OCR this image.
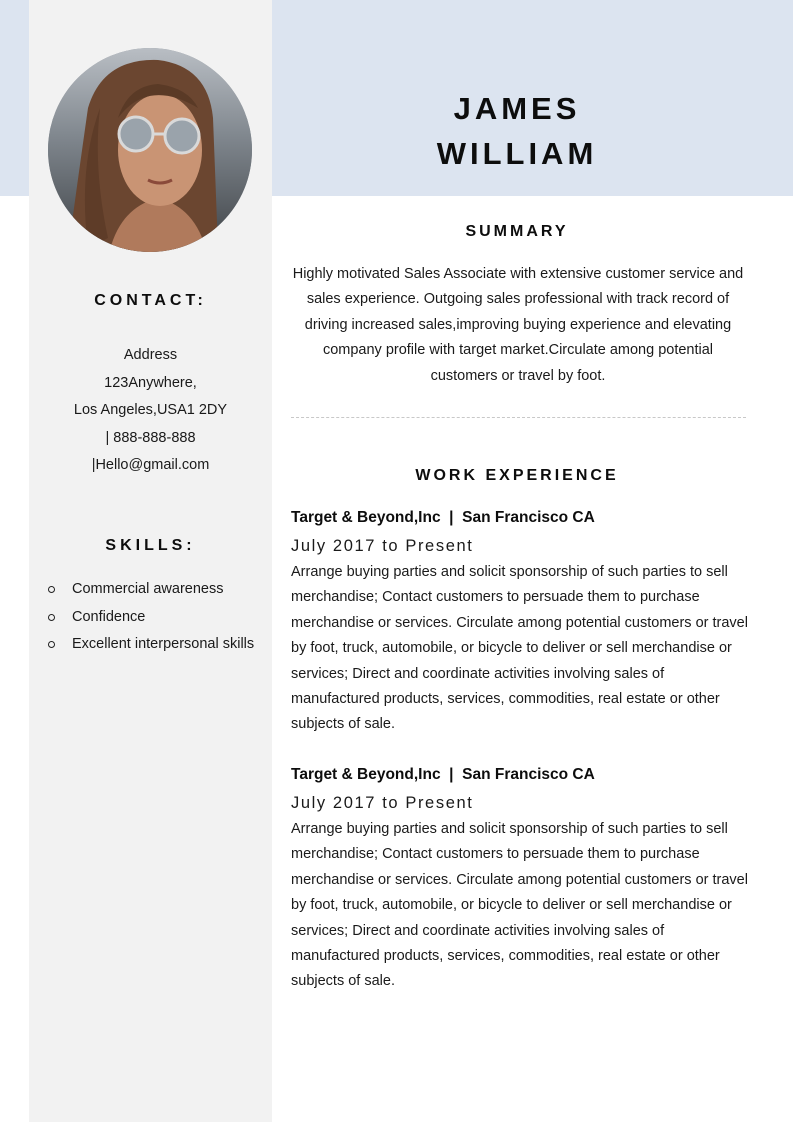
JAMES
WILLIAM
CONTACT:
Address
123Anywhere,
Los Angeles,USA1 2DY
| 888-888-888
|Hello@gmail.com
SKILLS:
Commercial awareness
Confidence
Excellent interpersonal skills
SUMMARY
Highly motivated Sales Associate with extensive customer service and sales experience. Outgoing sales professional with track record of driving increased sales,improving buying experience and elevating company profile with target market.Circulate among potential customers or travel by foot.
WORK EXPERIENCE
Target & Beyond,Inc  |  San Francisco CA
July 2017 to Present
Arrange buying parties and solicit sponsorship of such parties to sell merchandise; Contact customers to persuade them to purchase merchandise or services. Circulate among potential customers or travel by foot, truck, automobile, or bicycle to deliver or sell merchandise or services; Direct and coordinate activities involving sales of manufactured products, services, commodities, real estate or other subjects of sale.
Target & Beyond,Inc  |  San Francisco CA
July 2017 to Present
Arrange buying parties and solicit sponsorship of such parties to sell merchandise; Contact customers to persuade them to purchase merchandise or services. Circulate among potential customers or travel by foot, truck, automobile, or bicycle to deliver or sell merchandise or services; Direct and coordinate activities involving sales of manufactured products, services, commodities, real estate or other subjects of sale.
